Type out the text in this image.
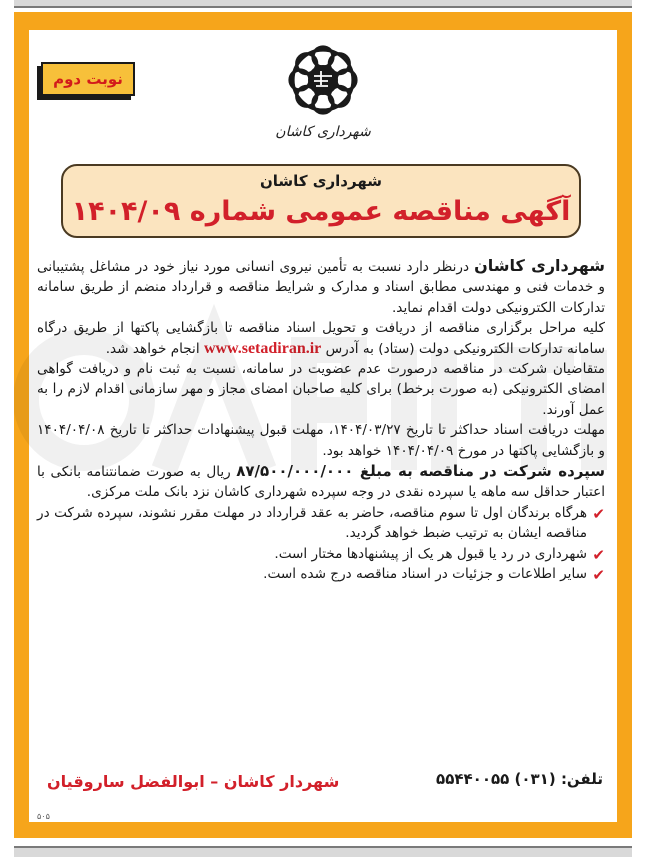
نوبت دوم
شهرداری کاشان
شهرداری کاشان
آگهی مناقصه عمومی شماره ۱۴۰۴/۰۹

شهرداری کاشان درنظر دارد نسبت به تأمین نیروی انسانی مورد نیاز خود در مشاغل پشتیبانی و خدمات فنی و مهندسی مطابق اسناد و مدارک و شرایط مناقصه و قرارداد منضم از طریق سامانه تدارکات الکترونیکی دولت اقدام نماید.

کلیه مراحل برگزاری مناقصه از دریافت و تحویل اسناد مناقصه تا بازگشایی پاکتها از طریق درگاه سامانه تدارکات الکترونیکی دولت (ستاد) به آدرس www.setadiran.ir انجام خواهد شد.

متقاضیان شرکت در مناقصه درصورت عدم عضویت در سامانه، نسبت به ثبت نام و دریافت گواهی امضای الکترونیکی (به صورت برخط) برای کلیه صاحبان امضای مجاز و مهر سازمانی اقدام لازم را به عمل آورند.

مهلت دریافت اسناد حداکثر تا تاریخ ۱۴۰۴/۰۳/۲۷، مهلت قبول پیشنهادات حداکثر تا تاریخ ۱۴۰۴/۰۴/۰۸ و بازگشایی پاکتها در مورخ ۱۴۰۴/۰۴/۰۹ خواهد بود.

سپرده شرکت در مناقصه به مبلغ ۸۷/۵۰۰/۰۰۰/۰۰۰ ریال به صورت ضمانتنامه بانکی با اعتبار حداقل سه ماهه یا سپرده نقدی در وجه سپرده شهرداری کاشان نزد بانک ملت مرکزی.

✔
هرگاه برندگان اول تا سوم مناقصه، حاضر به عقد قرارداد در مهلت مقرر نشوند، سپرده شرکت در مناقصه ایشان به ترتیب ضبط خواهد گردید.

✔
شهرداری در رد یا قبول هر یک از پیشنهادها مختار است.

✔
سایر اطلاعات و جزئیات در اسناد مناقصه درج شده است.

تلفن: ۵۵۴۴۰۰۵۵ (۰۳۱)
شهردار کاشان – ابوالفضل ساروقیان
۵۰۵
